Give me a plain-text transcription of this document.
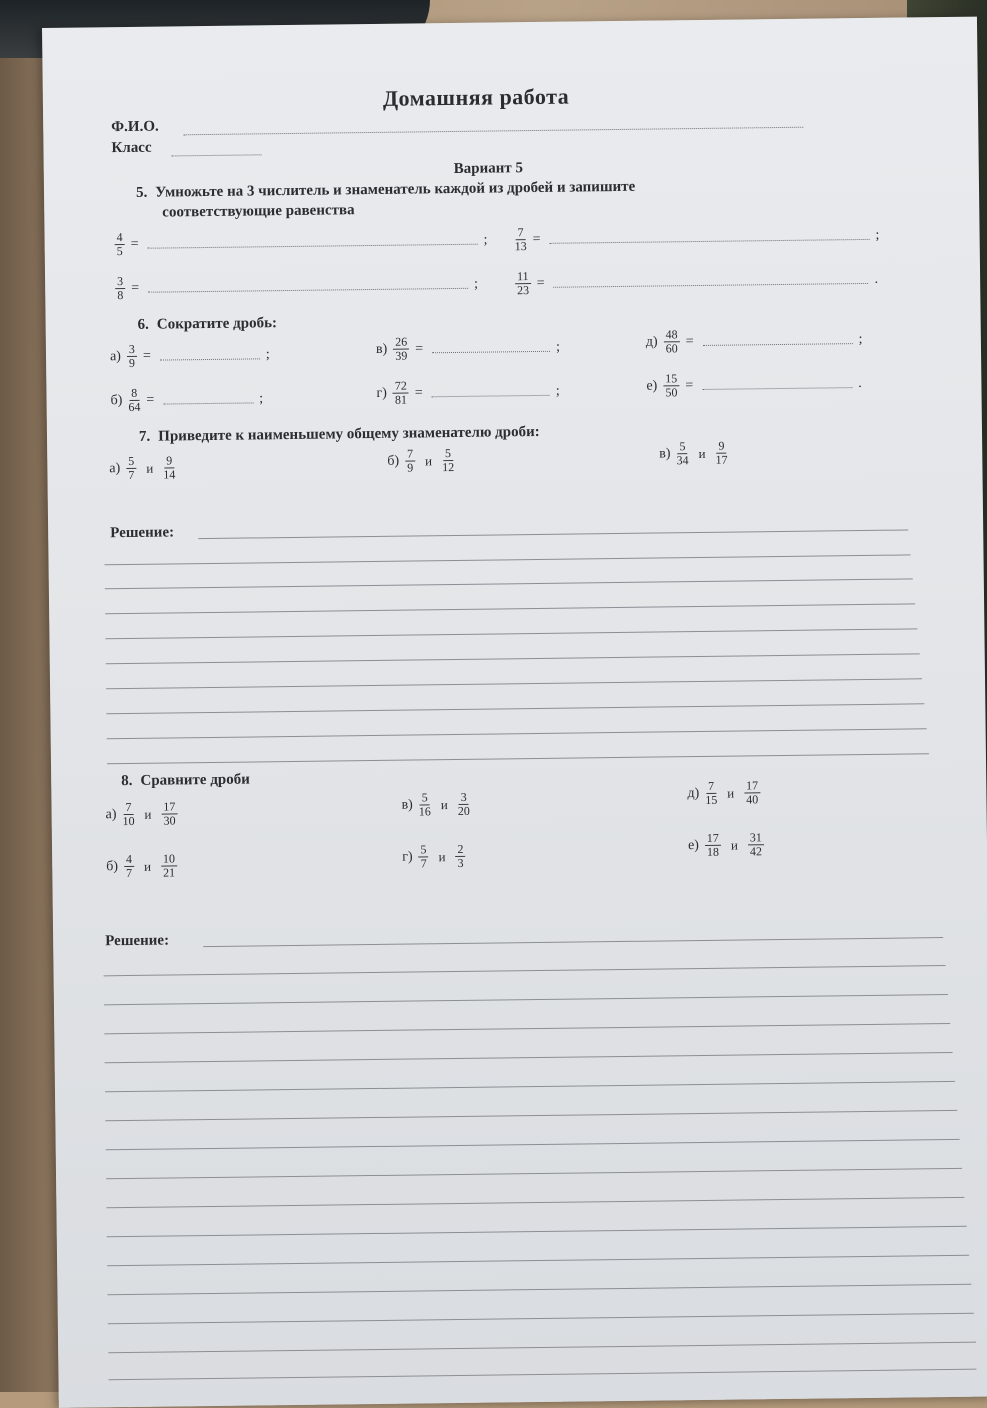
Домашняя работа
Ф.И.О.
Класс
Вариант 5
5. Умножьте на 3 числитель и знаменатель каждой из дробей и запишите
соответствующие равенства
$\frac{4}{5}$ =	; $\frac{7}{13}$ =	;
$\frac{3}{8}$ =	;	$\frac{11}{23}$ =	.
6. Сократите дробь:
$а) \frac{3}{9}$ =	;	$в) \frac{26}{39}$ =	;	$д) \frac{48}{60}$ =	;
$б) \frac{8}{64}$ =	;	$г) \frac{72}{81}$ =	;	$е) \frac{15}{50}$ =	.
7. Приведите к наименьшему общему знаменателю дроби:
$а) \frac{5}{7}$ и $\frac{9}{14}$	$б) \frac{7}{9}$ и $\frac{5}{12}$	$в) \frac{5}{34}$ и $\frac{9}{17}$
Решение:
8. Сравните дроби
$а) \frac{7}{10}$ и $\frac{17}{30}$	$в) \frac{5}{16}$ и $\frac{3}{20}$	$д) \frac{7}{15}$ и $\frac{17}{40}$
$б) \frac{4}{7}$ и $\frac{10}{21}$	$г) \frac{5}{7}$ и $\frac{2}{3}$	$е) \frac{17}{18}$ и $\frac{31}{42}$
Решение:
